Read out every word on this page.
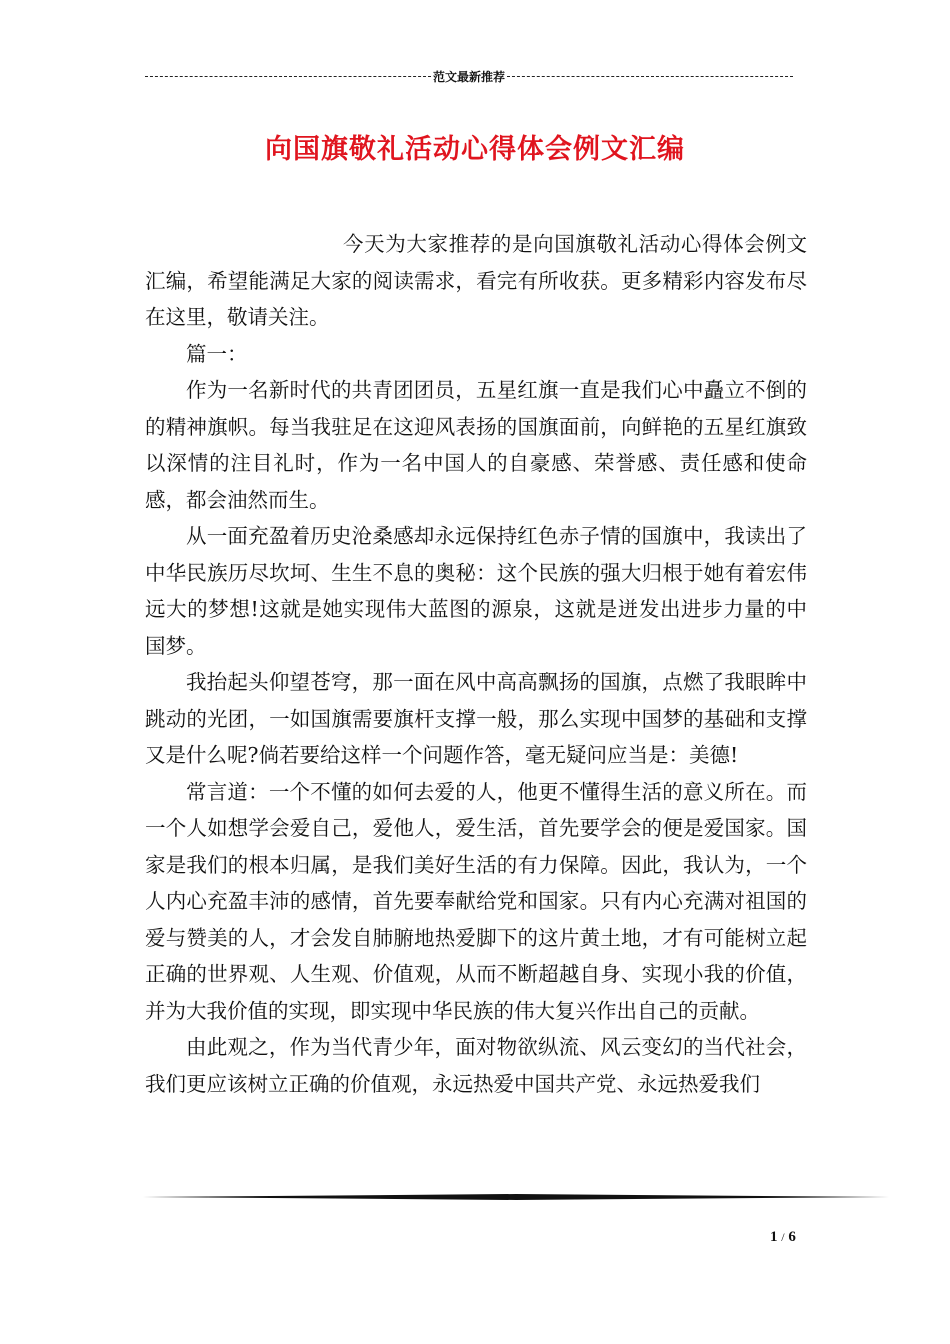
范文最新推荐
向国旗敬礼活动心得体会例文汇编

今天为大家推荐的是向国旗敬礼活动心得体会例文汇编，希望能满足大家的阅读需求，看完有所收获。更多精彩内容发布尽在这里，敬请关注。

篇一：

作为一名新时代的共青团团员，五星红旗一直是我们心中矗立不倒的的精神旗帜。每当我驻足在这迎风表扬的国旗面前，向鲜艳的五星红旗致以深情的注目礼时，作为一名中国人的自豪感、荣誉感、责任感和使命感，都会油然而生。

从一面充盈着历史沧桑感却永远保持红色赤子情的国旗中，我读出了中华民族历尽坎坷、生生不息的奥秘：这个民族的强大归根于她有着宏伟远大的梦想!这就是她实现伟大蓝图的源泉，这就是迸发出进步力量的中国梦。

我抬起头仰望苍穹，那一面在风中高高飘扬的国旗，点燃了我眼眸中跳动的光团，一如国旗需要旗杆支撑一般，那么实现中国梦的基础和支撑又是什么呢?倘若要给这样一个问题作答，毫无疑问应当是：美德!

常言道：一个不懂的如何去爱的人，他更不懂得生活的意义所在。而一个人如想学会爱自己，爱他人，爱生活，首先要学会的便是爱国家。国家是我们的根本归属，是我们美好生活的有力保障。因此，我认为，一个人内心充盈丰沛的感情，首先要奉献给党和国家。只有内心充满对祖国的爱与赞美的人，才会发自肺腑地热爱脚下的这片黄土地，才有可能树立起正确的世界观、人生观、价值观，从而不断超越自身、实现小我的价值，并为大我价值的实现，即实现中华民族的伟大复兴作出自己的贡献。

由此观之，作为当代青少年，面对物欲纵流、风云变幻的当代社会，我们更应该树立正确的价值观，永远热爱中国共产党、永远热爱我们

1 / 6
